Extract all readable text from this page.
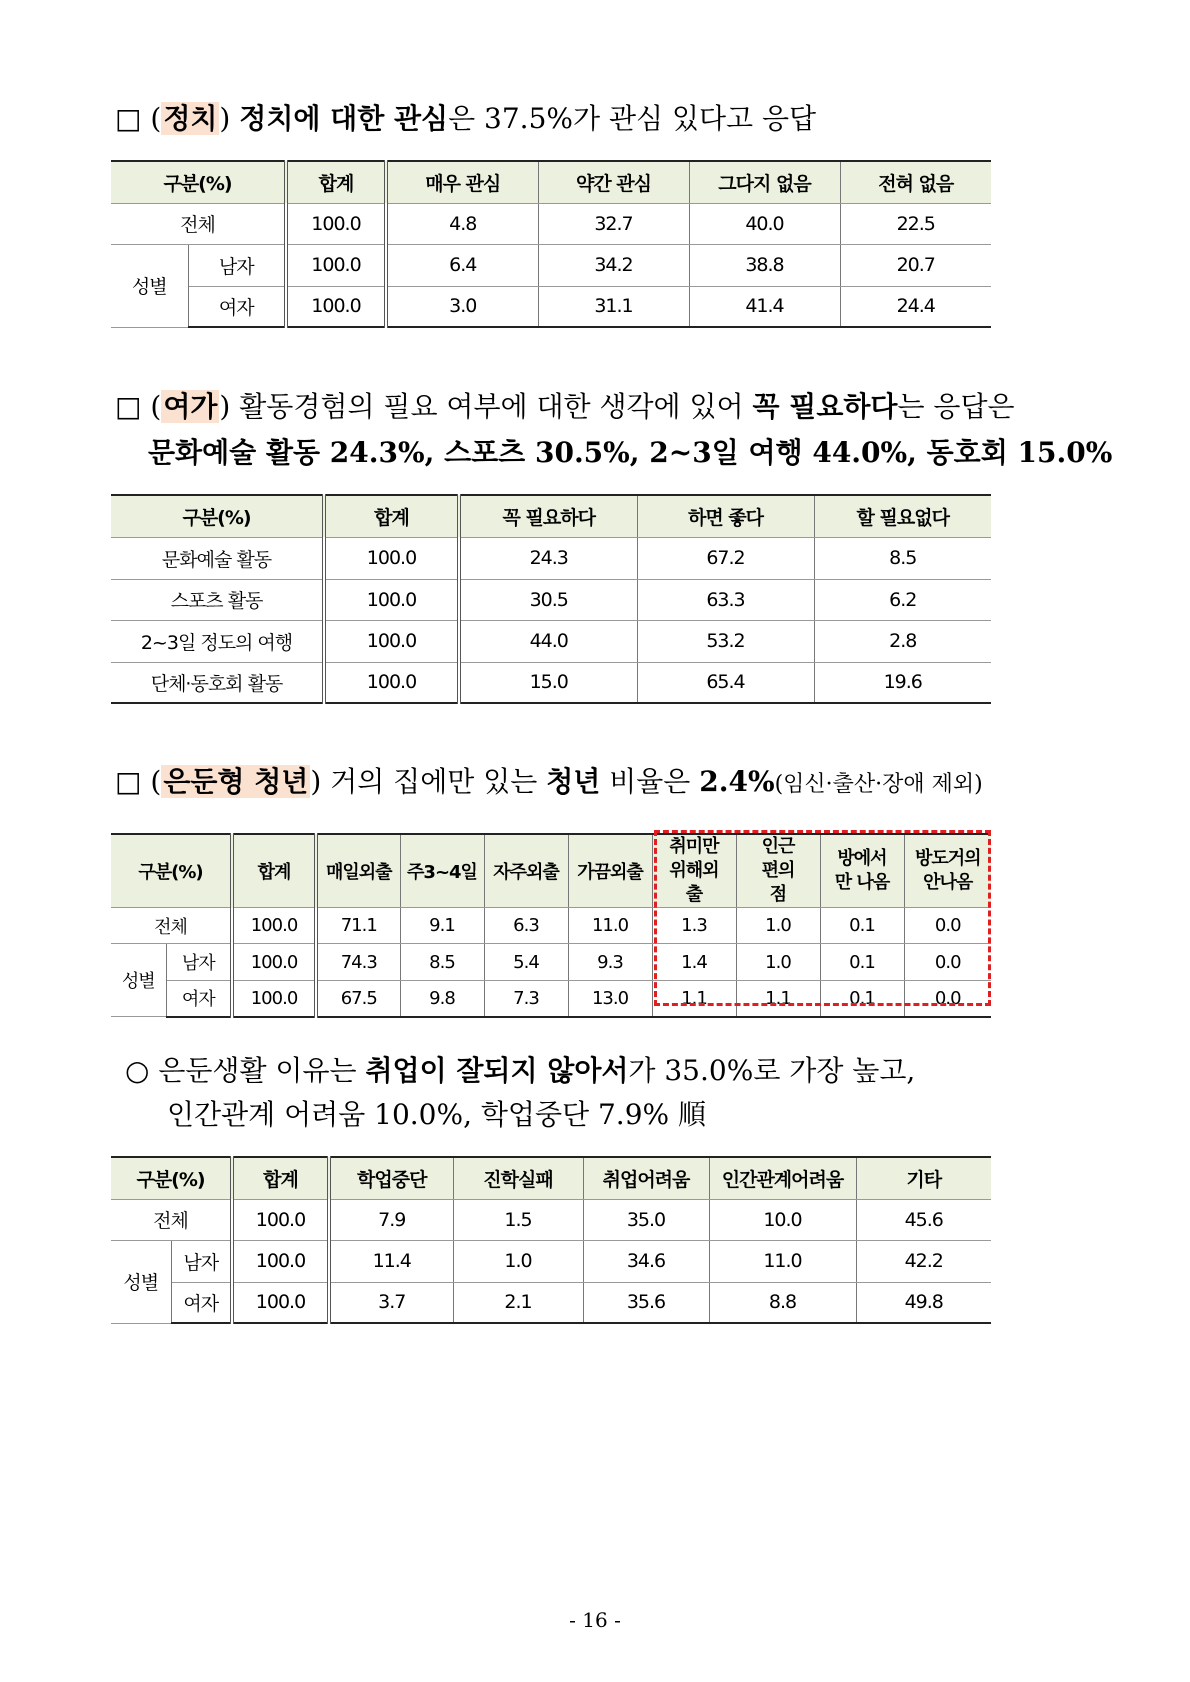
□ (정치) 정치에 대한 관심은 37.5%가 관심 있다고 응답
구분(%)		합계	매우 관심	약간 관심	그다지 없음	전혀 없음
전체		100.0	4.8	32.7	40.0	22.5
성별	남자	100.0	6.4	34.2	38.8	20.7
	여자	100.0	3.0	31.1	41.4	24.4
□ (여가) 활동경험의 필요 여부에 대한 생각에 있어 꼭 필요하다는 응답은
문화예술 활동 24.3%, 스포츠 30.5%, 2~3일 여행 44.0%, 동호회 15.0%
구분(%)	합계	꼭 필요하다	하면 좋다	할 필요없다
문화예술 활동	100.0	24.3	67.2	8.5
스포츠 활동	100.0	30.5	63.3	6.2
2~3일 정도의 여행	100.0	44.0	53.2	2.8
단체·동호회 활동	100.0	15.0	65.4	19.6
□ (은둔형 청년) 거의 집에만 있는 청년 비율은 2.4%(임신·출산·장애 제외)
구분(%)		합계	매일외출	주3~4일	자주외출	가끔외출	취미만 위해외출	인근 편의점	방에서만 나옴	방도거의 안나옴
전체		100.0	71.1	9.1	6.3	11.0	1.3	1.0	0.1	0.0
성별	남자	100.0	74.3	8.5	5.4	9.3	1.4	1.0	0.1	0.0
	여자	100.0	67.5	9.8	7.3	13.0	1.1	1.1	0.1	0.0
○ 은둔생활 이유는 취업이 잘되지 않아서가 35.0%로 가장 높고,
인간관계 어려움 10.0%, 학업중단 7.9% 順
구분(%)		합계	학업중단	진학실패	취업어려움	인간관계어려움	기타
전체		100.0	7.9	1.5	35.0	10.0	45.6
성별	남자	100.0	11.4	1.0	34.6	11.0	42.2
	여자	100.0	3.7	2.1	35.6	8.8	49.8
- 16 -
